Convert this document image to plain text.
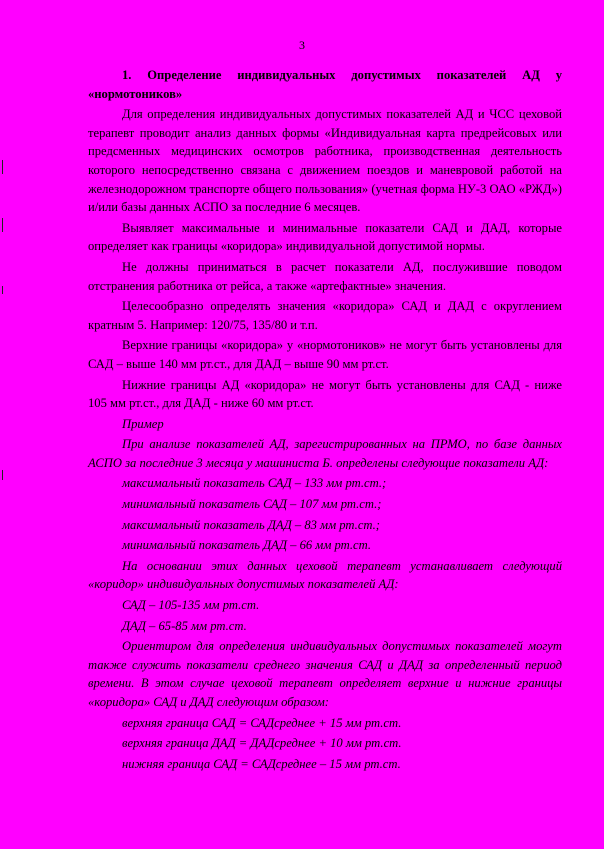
3

1. Определение индивидуальных допустимых показателей АД у «нормотоников»

Для определения индивидуальных допустимых показателей АД и ЧСС цеховой терапевт проводит анализ данных формы «Индивидуальная карта предрейсовых или предсменных медицинских осмотров работника, производственная деятельность которого непосредственно связана с движением поездов и маневровой работой на железнодорожном транспорте общего пользования» (учетная форма НУ-3 ОАО «РЖД») и/или базы данных АСПО за последние 6 месяцев.

Выявляет максимальные и минимальные показатели САД и ДАД, которые определяет как границы «коридора» индивидуальной допустимой нормы.

Не должны приниматься в расчет показатели АД, послужившие поводом отстранения работника от рейса, а также «артефактные» значения.

Целесообразно определять значения «коридора» САД и ДАД с округлением кратным 5. Например: 120/75, 135/80 и т.п.

Верхние границы «коридора» у «нормотоников» не могут быть установлены для САД – выше 140 мм рт.ст., для ДАД – выше 90 мм рт.ст.

Нижние границы АД «коридора» не могут быть установлены для САД - ниже 105 мм рт.ст., для ДАД - ниже 60 мм рт.ст.

Пример

При анализе показателей АД, зарегистрированных на ПРМО, по базе данных АСПО за последние 3 месяца у машиниста Б. определены следующие показатели АД:

максимальный показатель САД – 133 мм рт.ст.;

минимальный показатель САД – 107 мм рт.ст.;

максимальный показатель ДАД – 83 мм рт.ст.;

минимальный показатель ДАД – 66 мм рт.ст.

На основании этих данных цеховой терапевт устанавливает следующий «коридор» индивидуальных допустимых показателей АД:

САД – 105-135 мм рт.ст.

ДАД – 65-85 мм рт.ст.

Ориентиром для определения индивидуальных допустимых показателей могут также служить показатели среднего значения САД и ДАД за определенный период времени. В этом случае цеховой терапевт определяет верхние и нижние границы «коридора» САД и ДАД следующим образом:

верхняя граница САД = САДсреднее + 15 мм рт.ст.

верхняя граница ДАД = ДАДсреднее + 10 мм рт.ст.

нижняя граница САД = САДсреднее – 15 мм рт.ст.
